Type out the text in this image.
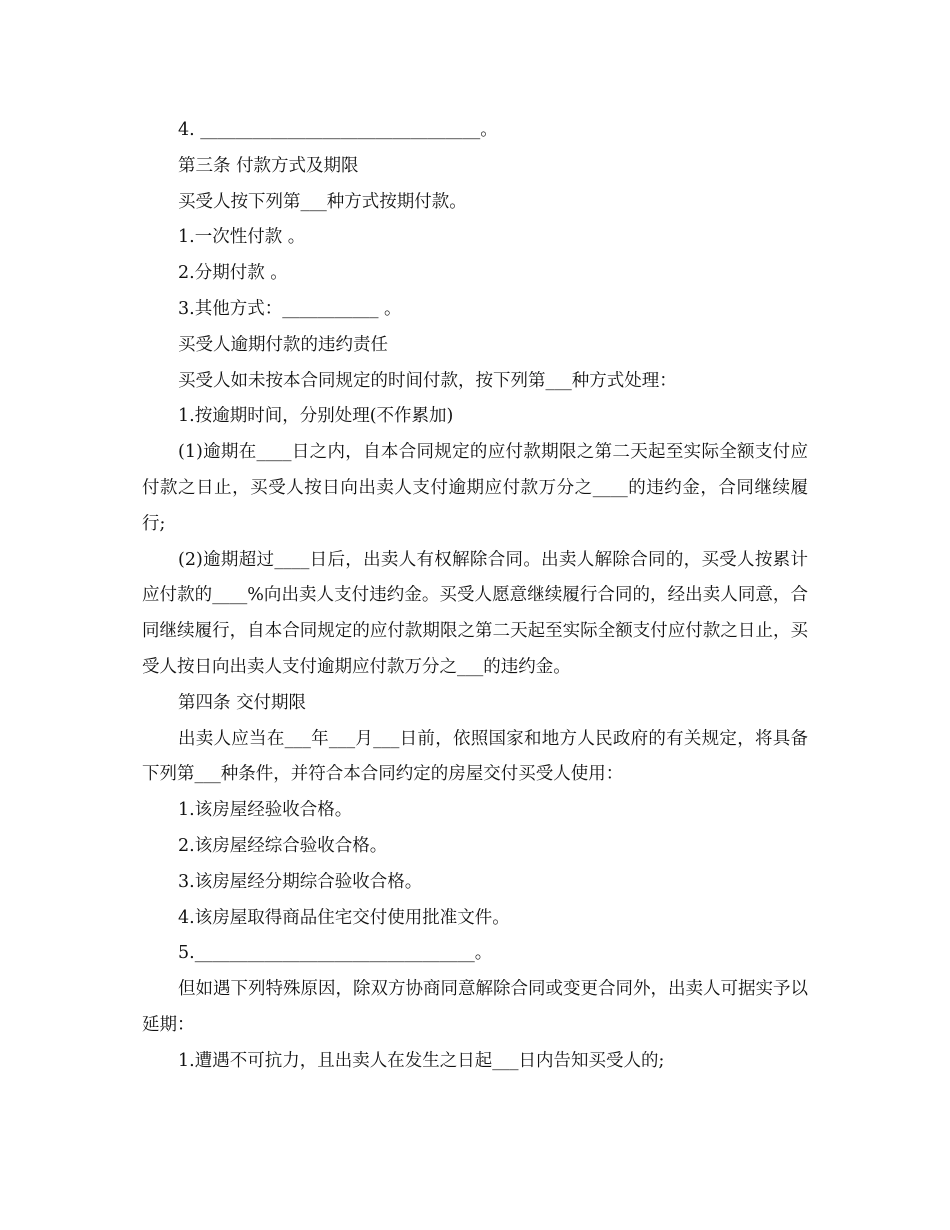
4. ________________________________。

第三条 付款方式及期限

买受人按下列第___种方式按期付款。

1.一次性付款 。

2.分期付款 。

3.其他方式：___________ 。

买受人逾期付款的违约责任

买受人如未按本合同规定的时间付款，按下列第___种方式处理：

1.按逾期时间，分别处理(不作累加)

(1)逾期在____日之内，自本合同规定的应付款期限之第二天起至实际全额支付应付款之日止，买受人按日向出卖人支付逾期应付款万分之____的违约金，合同继续履行;

(2)逾期超过____日后，出卖人有权解除合同。出卖人解除合同的，买受人按累计应付款的____%向出卖人支付违约金。买受人愿意继续履行合同的，经出卖人同意，合同继续履行，自本合同规定的应付款期限之第二天起至实际全额支付应付款之日止，买受人按日向出卖人支付逾期应付款万分之___的违约金。

第四条 交付期限

出卖人应当在___年___月___日前，依照国家和地方人民政府的有关规定，将具备下列第___种条件，并符合本合同约定的房屋交付买受人使用：

1.该房屋经验收合格。

2.该房屋经综合验收合格。

3.该房屋经分期综合验收合格。

4.该房屋取得商品住宅交付使用批准文件。

5.________________________________。

但如遇下列特殊原因，除双方协商同意解除合同或变更合同外，出卖人可据实予以延期：

1.遭遇不可抗力，且出卖人在发生之日起___日内告知买受人的;
